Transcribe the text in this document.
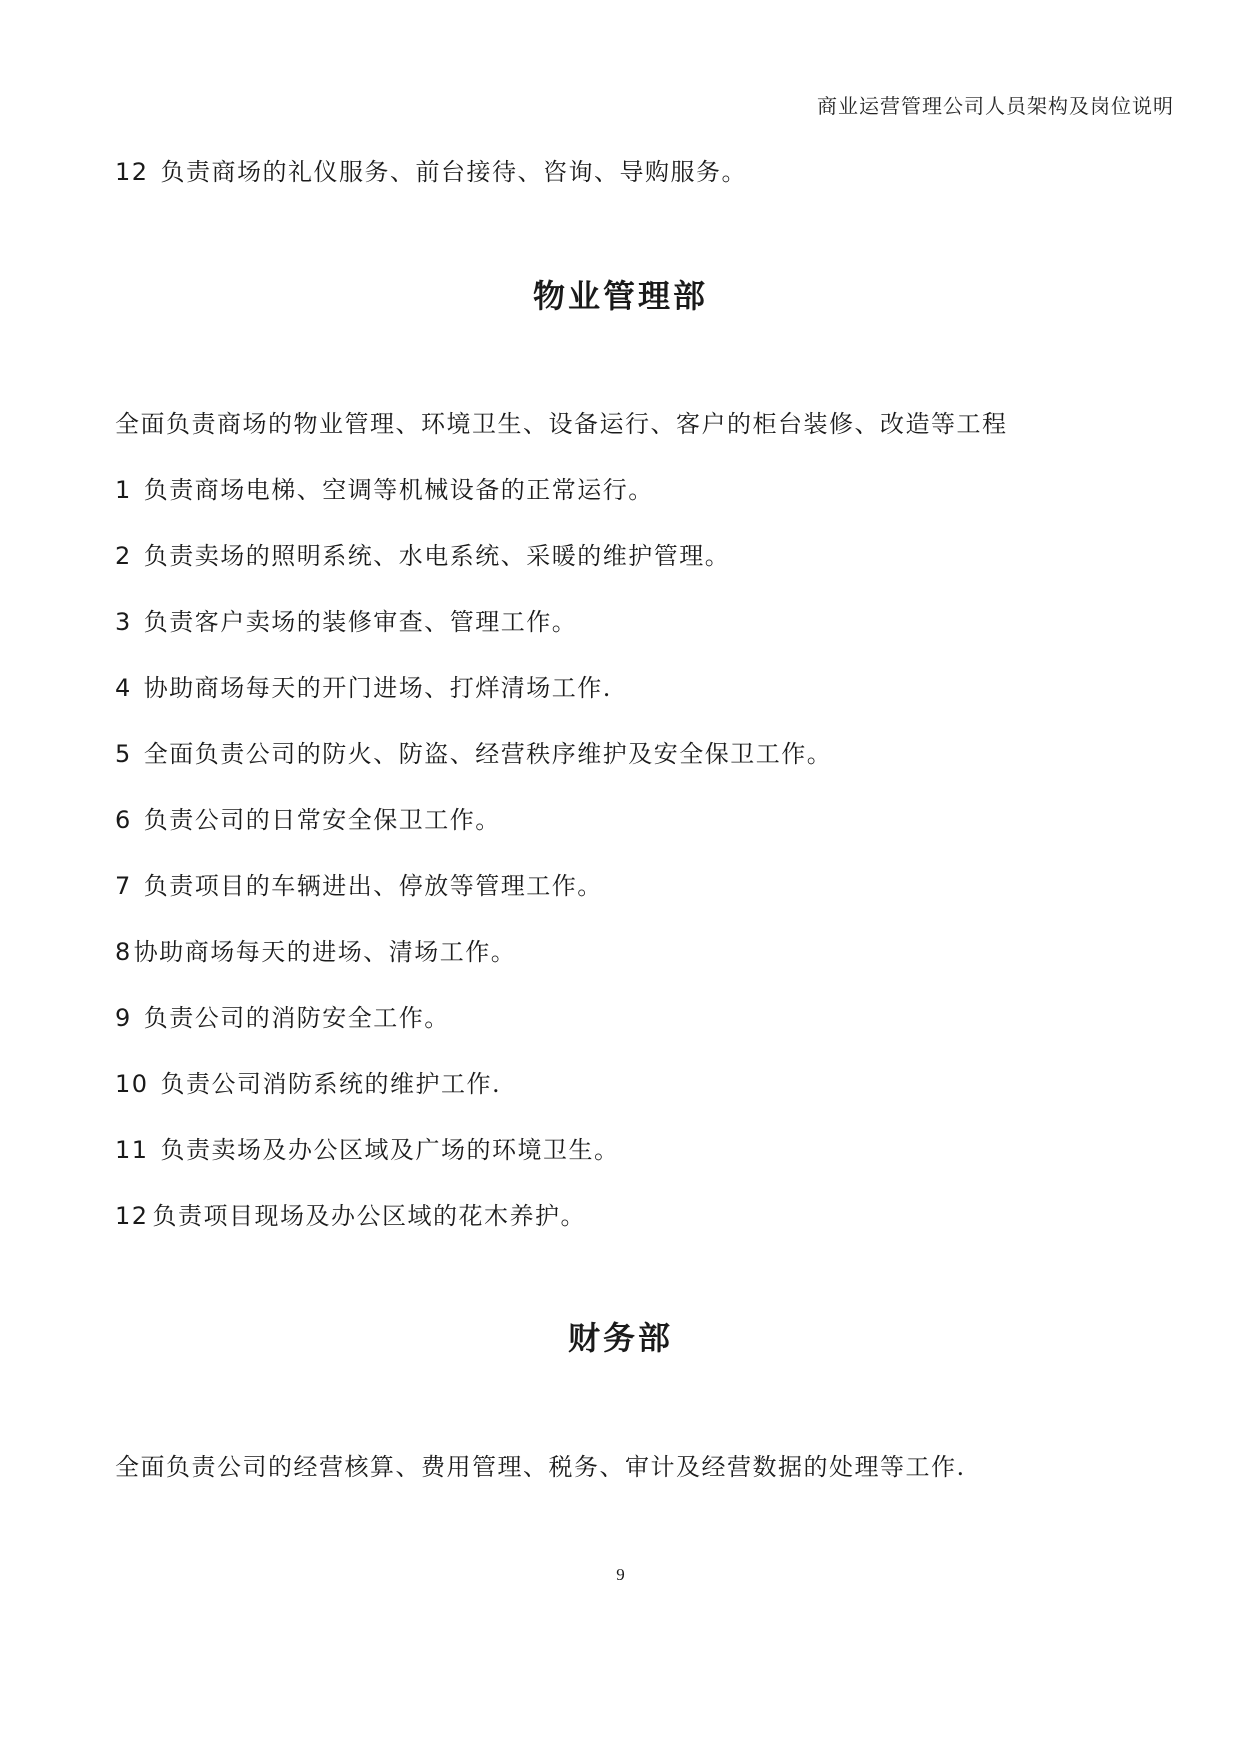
商业运营管理公司人员架构及岗位说明
12 负责商场的礼仪服务、前台接待、咨询、导购服务。
物业管理部
全面负责商场的物业管理、环境卫生、设备运行、客户的柜台装修、改造等工程
1 负责商场电梯、空调等机械设备的正常运行。
2 负责卖场的照明系统、水电系统、采暖的维护管理。
3 负责客户卖场的装修审查、管理工作。
4 协助商场每天的开门进场、打烊清场工作.
5 全面负责公司的防火、防盗、经营秩序维护及安全保卫工作。
6 负责公司的日常安全保卫工作。
7 负责项目的车辆进出、停放等管理工作。
8协助商场每天的进场、清场工作。
9 负责公司的消防安全工作。
10 负责公司消防系统的维护工作.
11 负责卖场及办公区域及广场的环境卫生。
12 负责项目现场及办公区域的花木养护。
财务部
全面负责公司的经营核算、费用管理、税务、审计及经营数据的处理等工作.
9
